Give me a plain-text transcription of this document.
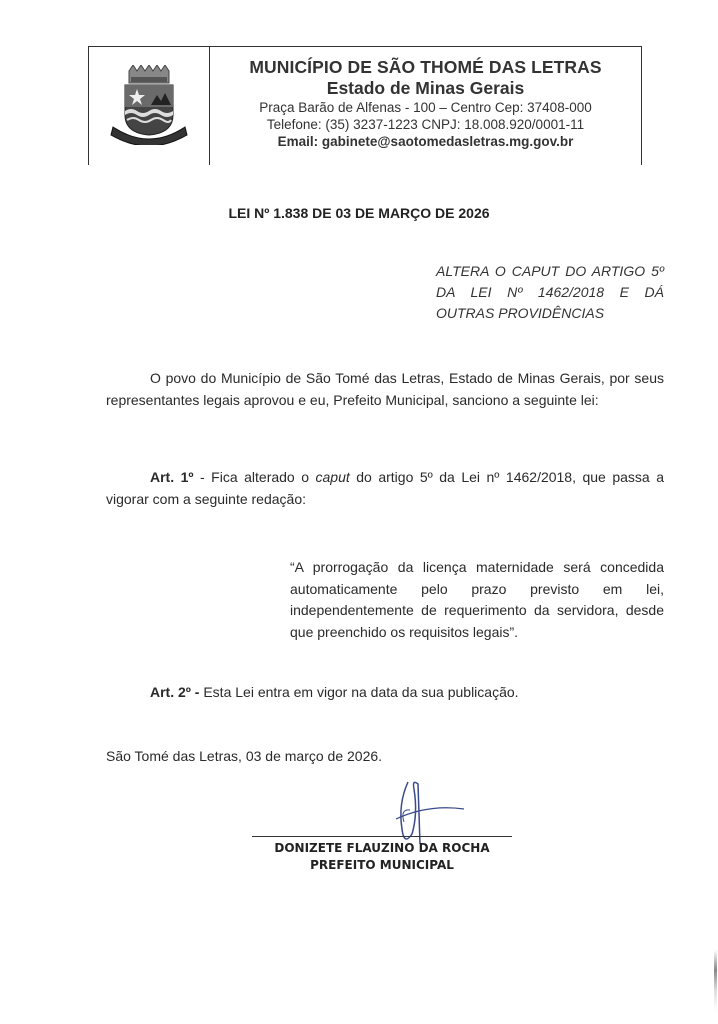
MUNICÍPIO DE SÃO THOMÉ DAS LETRAS
Estado de Minas Gerais
Praça Barão de Alfenas - 100 – Centro Cep: 37408-000
Telefone: (35) 3237-1223 CNPJ: 18.008.920/0001-11
Email: gabinete@saotomedasletras.mg.gov.br
LEI Nº 1.838 DE 03 DE MARÇO DE 2026
ALTERA O CAPUT DO ARTIGO 5º DA LEI Nº 1462/2018 E DÁ OUTRAS PROVIDÊNCIAS
O povo do Município de São Tomé das Letras, Estado de Minas Gerais, por seus representantes legais aprovou e eu, Prefeito Municipal, sanciono a seguinte lei:
Art. 1º - Fica alterado o caput do artigo 5º da Lei nº 1462/2018, que passa a vigorar com a seguinte redação:
“A prorrogação da licença maternidade será concedida automaticamente pelo prazo previsto em lei, independentemente de requerimento da servidora, desde que preenchido os requisitos legais”.
Art. 2º - Esta Lei entra em vigor na data da sua publicação.
São Tomé das Letras, 03 de março de 2026.
DONIZETE FLAUZINO DA ROCHA
PREFEITO MUNICIPAL
